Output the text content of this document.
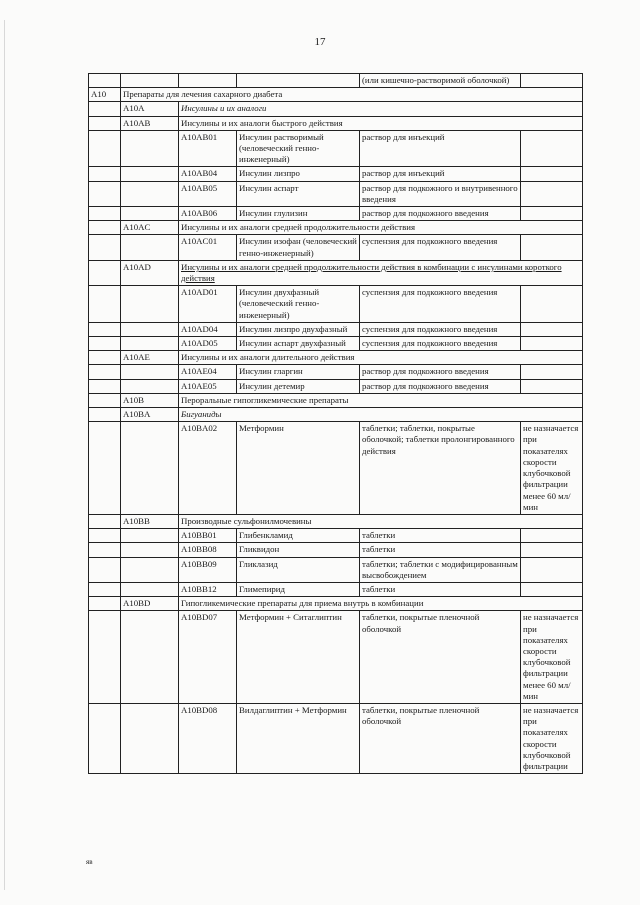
17
				(или кишечно-растворимой оболочкой)	
A10	Препараты для лечения сахарного диабета				
	A10A	Инсулины и их аналоги			
	A10AB	Инсулины и их аналоги быстрого действия			
		A10AB01	Инсулин растворимый (человеческий генно-инженерный)	раствор для инъекций	
		A10AB04	Инсулин лизпро	раствор для инъекций	
		A10AB05	Инсулин аспарт	раствор для подкожного и внутривенного введения	
		A10AB06	Инсулин глулизин	раствор для подкожного введения	
	A10AC	Инсулины и их аналоги средней продолжительности действия			
		A10AC01	Инсулин изофан (человеческий генно-инженерный)	суспензия для подкожного введения	
	A10AD	Инсулины и их аналоги средней продолжительности действия в комбинации с инсулинами короткого действия			
		A10AD01	Инсулин двухфазный (человеческий генно-инженерный)	суспензия для подкожного введения	
		A10AD04	Инсулин лизпро двухфазный	суспензия для подкожного введения	
		A10AD05	Инсулин аспарт двухфазный	суспензия для подкожного введения	
	A10AE	Инсулины и их аналоги длительного действия			
		A10AE04	Инсулин гларгин	раствор для подкожного введения	
		A10AE05	Инсулин детемир	раствор для подкожного введения	
	A10B	Пероральные гипогликемические препараты			
	A10BA	Бигуаниды			
		A10BA02	Метформин	таблетки; таблетки, покрытые оболочкой; таблетки пролонгированного действия	не назначается при показателях скорости клубочковой фильтрации менее 60 мл/мин
	A10BB	Производные сульфонилмочевины			
		A10BB01	Глибенкламид	таблетки	
		A10BB08	Гликвидон	таблетки	
		A10BB09	Гликлазид	таблетки; таблетки с модифицированным высвобождением	
		A10BB12	Глимепирид	таблетки	
	A10BD	Гипогликемические препараты для приема внутрь в комбинации			
		A10BD07	Метформин + Ситаглиптин	таблетки, покрытые пленочной оболочкой	не назначается при показателях скорости клубочковой фильтрации менее 60 мл/мин
		A10BD08	Вилдаглиптин + Метформин	таблетки, покрытые пленочной оболочкой	не назначается при показателях скорости клубочковой фильтрации
яв
